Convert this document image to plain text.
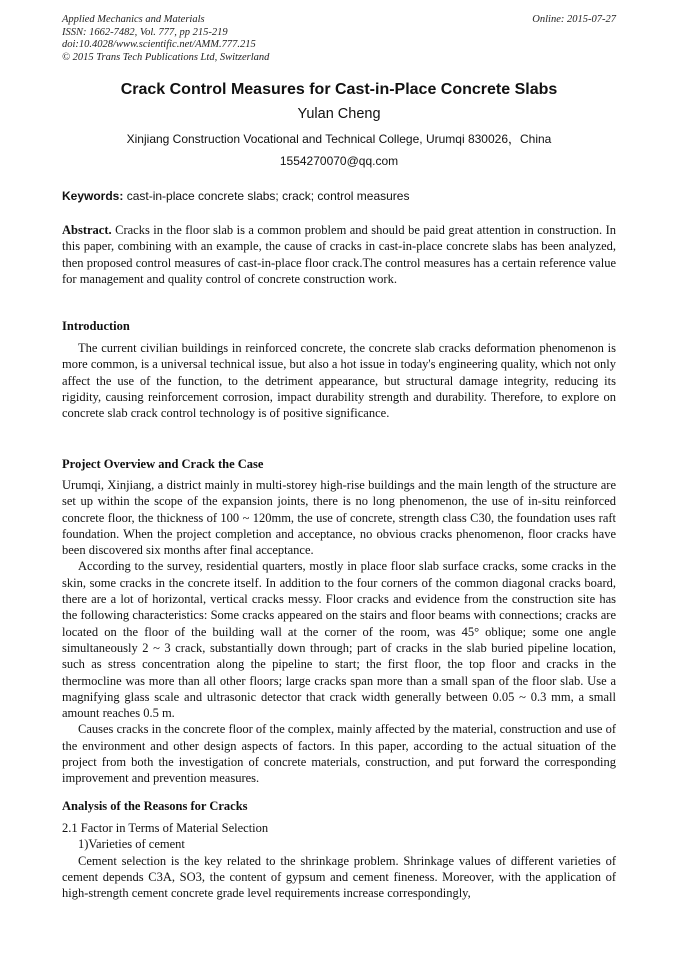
Applied Mechanics and Materials
ISSN: 1662-7482, Vol. 777, pp 215-219
doi:10.4028/www.scientific.net/AMM.777.215
© 2015 Trans Tech Publications Ltd, Switzerland
Online: 2015-07-27
Crack Control Measures for Cast-in-Place Concrete Slabs
Yulan Cheng
Xinjiang Construction Vocational and Technical College, Urumqi 830026，China
1554270070@qq.com
Keywords: cast-in-place concrete slabs; crack; control measures

Abstract. Cracks in the floor slab is a common problem and should be paid great attention in construction. In this paper, combining with an example, the cause of cracks in cast-in-place concrete slabs has been analyzed, then proposed control measures of cast-in-place floor crack.The control measures has a certain reference value for management and quality control of concrete construction work.

Introduction

The current civilian buildings in reinforced concrete, the concrete slab cracks deformation phenomenon is more common, is a universal technical issue, but also a hot issue in today's engineering quality, which not only affect the use of the function, to the detriment appearance, but structural damage integrity, reducing its rigidity, causing reinforcement corrosion, impact durability strength and durability. Therefore, to explore on concrete slab crack control technology is of positive significance.

Project Overview and Crack the Case

Urumqi, Xinjiang, a district mainly in multi-storey high-rise buildings and the main length of the structure are set up within the scope of the expansion joints, there is no long phenomenon, the use of in-situ reinforced concrete floor, the thickness of 100 ~ 120mm, the use of concrete, strength class C30, the foundation uses raft foundation. When the project completion and acceptance, no obvious cracks phenomenon, floor cracks have been discovered six months after final acceptance.

According to the survey, residential quarters, mostly in place floor slab surface cracks, some cracks in the skin, some cracks in the concrete itself. In addition to the four corners of the common diagonal cracks board, there are a lot of horizontal, vertical cracks messy. Floor cracks and evidence from the construction site has the following characteristics: Some cracks appeared on the stairs and floor beams with connections; cracks are located on the floor of the building wall at the corner of the room, was 45° oblique; some one angle simultaneously 2 ~ 3 crack, substantially down through; part of cracks in the slab buried pipeline location, such as stress concentration along the pipeline to start; the first floor, the top floor and cracks in the thermocline was more than all other floors; large cracks span more than a small span of the floor slab. Use a magnifying glass scale and ultrasonic detector that crack width generally between 0.05 ~ 0.3 mm, a small amount reaches 0.5 m.

Causes cracks in the concrete floor of the complex, mainly affected by the material, construction and use of the environment and other design aspects of factors. In this paper, according to the actual situation of the project from both the investigation of concrete materials, construction, and put forward the corresponding improvement and prevention measures.

Analysis of the Reasons for Cracks

2.1 Factor in Terms of Material Selection

1)Varieties of cement

Cement selection is the key related to the shrinkage problem. Shrinkage values of different varieties of cement depends C3A, SO3, the content of gypsum and cement fineness. Moreover, with the application of high-strength cement concrete grade level requirements increase correspondingly,
